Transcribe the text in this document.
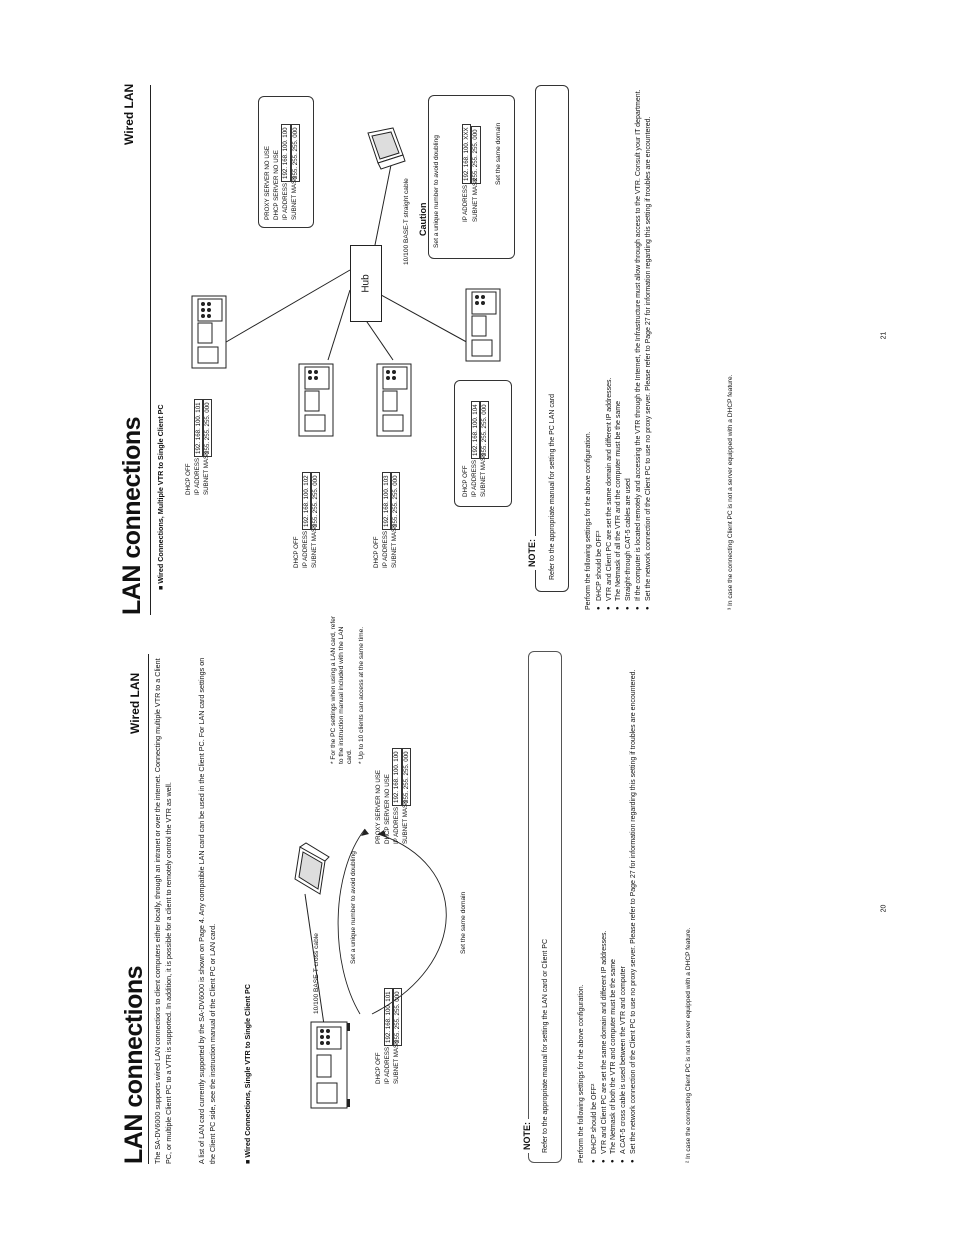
LAN connections
Wired LAN The SA-DV6000 supports wired LAN connections to client computers either locally, through an intranet or over the internet. Connecting multiple VTR to a Client PC, or multiple Client PC to a VTR is supported. In addition, it is possible for a client to remotely control the VTR as well.	A list of LAN card currently supported by the SA-DV6000 is shown on Page 4. Any compatible LAN card can be used in the Client PC. For LAN card settings on the Client PC side, see the instruction manual of the Client PC or LAN card.	■ Wired Connections, Single VTR to Single Client PC	DHCP OFF IP ADDRESS
192. 168. 100. 101
SUBNET MASK
255. 255. 255. 000
PROXY SERVER NO USE DHCP SERVER NO USE IP ADDRESS
192. 168. 100. 100
SUBNET MASK
255. 255. 255. 000
10/100 BASE-T cross cable
Set a unique number to avoid doubling	Set the same domain
* For the PC settings when using a LAN card, refer to the instruction manual included with the LAN card. * Up to 10 clients can access at the same time.
NOTE: Refer to the appropriate manual for setting the LAN card or Client PC	Perform the following settings for the above configuration. ● DHCP should be OFF² ● VTR and Client PC are set the same domain and different IP addresses. ● The Netmask of both the VTR and computer must be the same ● A CAT-5 cross cable is used between the VTR and computer ● Set the network connection of the Client PC to use no proxy server. Please refer to Page 27 for information regarding this setting if troubles are encountered.	² In case the connecting Client PC is not a server equipped with a DHCP feature.
20
LAN connections
Wired LAN
■ Wired Connections, Multiple VTR to Single Client PC
Hub
DHCP OFF IP ADDRESS
192. 168. 100. 101
SUBNET MASK
255. 255. 255. 000
DHCP OFF IP ADDRESS
192. 168. 100. 102
SUBNET MASK
255. 255. 255. 000
DHCP OFF IP ADDRESS
192. 168. 100. 103
SUBNET MASK
255. 255. 255. 000	DHCP OFF IP ADDRESS
192. 168. 100. 104
SUBNET MASK
255. 255. 255. 000
PROXY SERVER NO USE DHCP SERVER NO USE IP ADDRESS
192. 168. 100. 100
SUBNET MASK
255. 255. 255. 000
10/100 BASE-T straight cable Caution Set a unique number to avoid doubling	IP ADDRESS
192. 168. 100. XXX
SUBNET MASK
255. 255. 255. 000 Set the same domain
NOTE: Refer to the appropriate manual for setting the PC LAN card	Perform the following settings for the above configuration. ● DHCP should be OFF³ ● VTR and Client PC are set the same domain and different IP addresses. ● The Netmask of all the VTR and the computer must be the same ● Straight-through CAT-5 cables are used ● If the computer is located remotely and accessing the VTR through the Internet, the Infrastructure must allow through access to the VTR. Consult your IT department. ● Set the network connection of the Client PC to use no proxy server. Please refer to Page 27 for information regarding this setting if troubles are encountered.	³ In case the connecting Client PC is not a server equipped with a DHCP feature.
21
